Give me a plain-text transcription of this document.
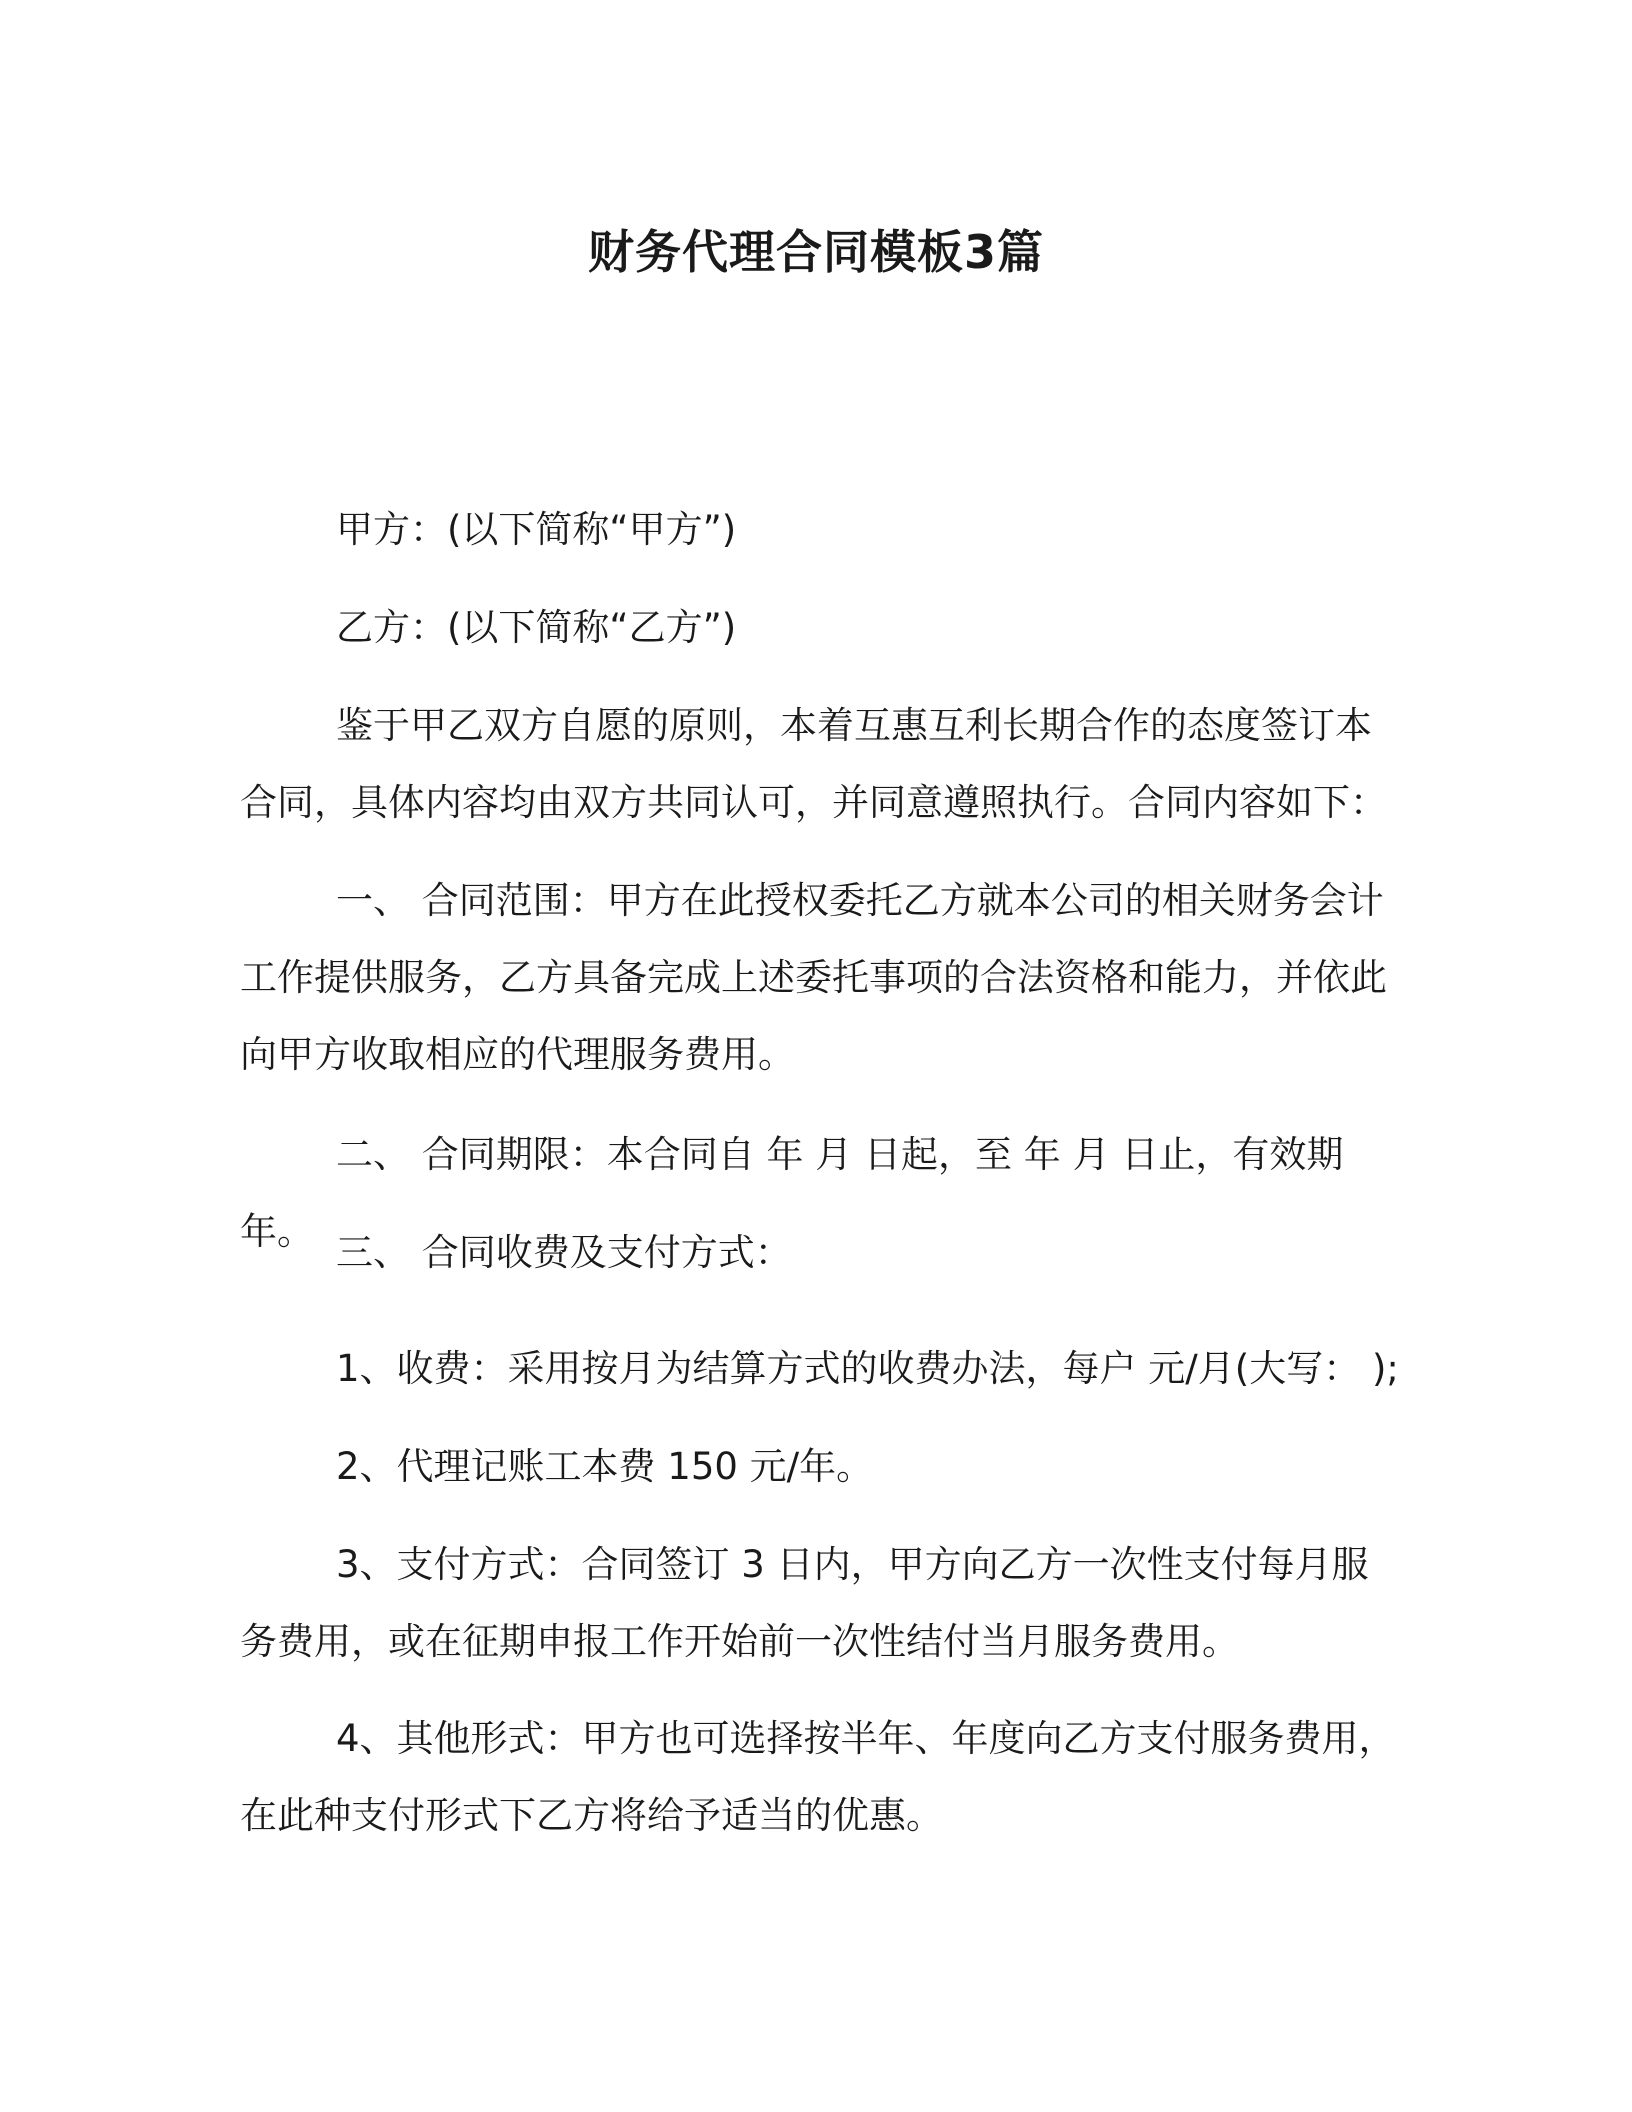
财务代理合同模板3篇

甲方：(以下简称“甲方”)

乙方：(以下简称“乙方”)

鉴于甲乙双方自愿的原则，本着互惠互利长期合作的态度签订本合同，具体内容均由双方共同认可，并同意遵照执行。合同内容如下：

一、 合同范围：甲方在此授权委托乙方就本公司的相关财务会计工作提供服务，乙方具备完成上述委托事项的合法资格和能力，并依此向甲方收取相应的代理服务费用。

二、 合同期限：本合同自 年 月 日起，至 年 月 日止，有效期 年。 三、 合同收费及支付方式：

1、收费：采用按月为结算方式的收费办法，每户 元/月(大写： );

2、代理记账工本费 150 元/年。

3、支付方式：合同签订 3 日内，甲方向乙方一次性支付每月服务费用，或在征期申报工作开始前一次性结付当月服务费用。

4、其他形式：甲方也可选择按半年、年度向乙方支付服务费用，在此种支付形式下乙方将给予适当的优惠。
